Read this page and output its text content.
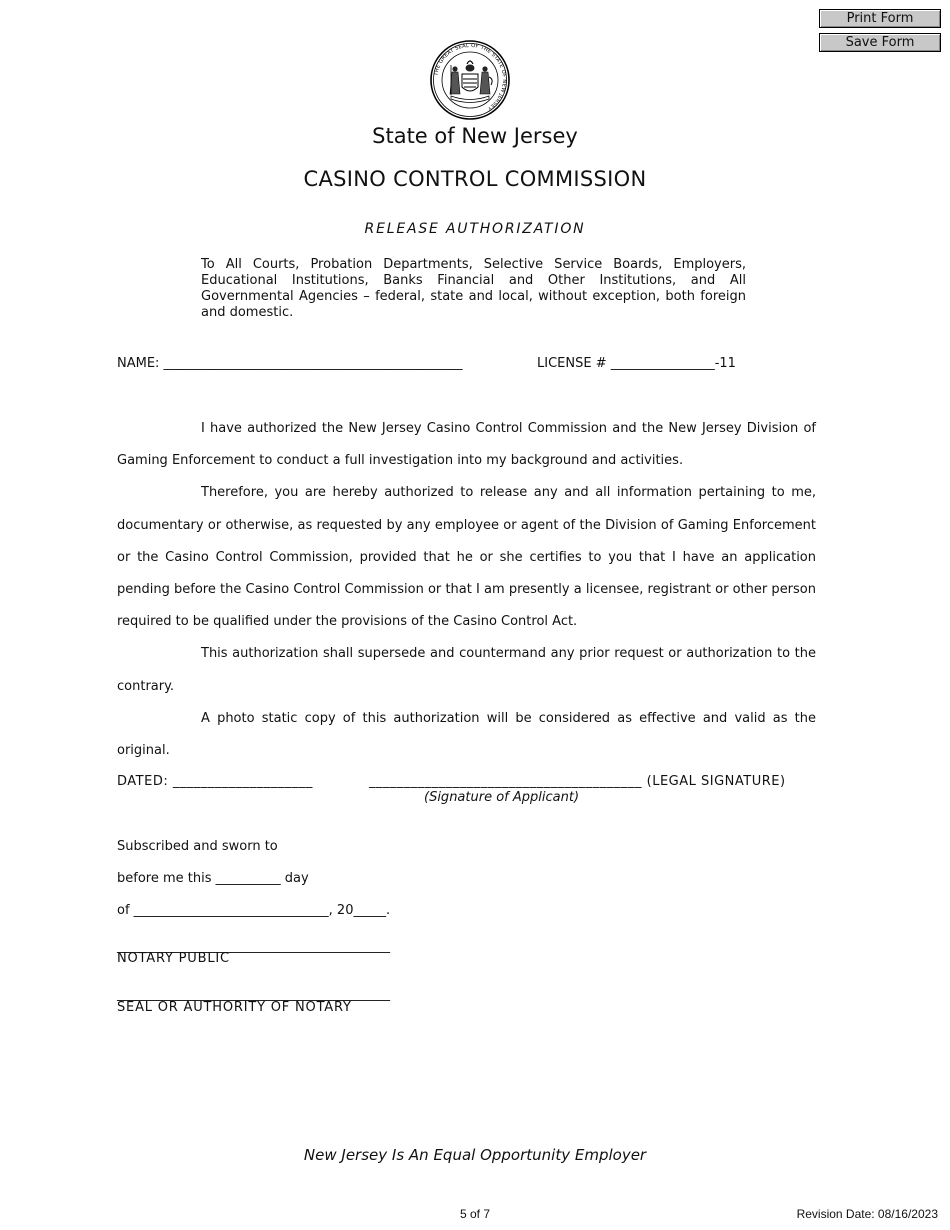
Print Form
Save Form
THE GREAT SEAL OF THE STATE OF NEW JERSEY
State of New Jersey
CASINO CONTROL COMMISSION
RELEASE AUTHORIZATION
To All Courts, Probation Departments, Selective Service Boards, Employers, Educational Institutions, Banks Financial and Other Institutions, and All Governmental Agencies – federal, state and local, without exception, both foreign and domestic.
NAME: ______________________________________________	LICENSE # ________________-11

I have authorized the New Jersey Casino Control Commission and the New Jersey Division of Gaming Enforcement to conduct a full investigation into my background and activities.

Therefore, you are hereby authorized to release any and all information pertaining to me, documentary or otherwise, as requested by any employee or agent of the Division of Gaming Enforcement or the Casino Control Commission, provided that he or she certifies to you that I have an application pending before the Casino Control Commission or that I am presently a licensee, registrant or other person required to be qualified under the provisions of the Casino Control Act.

This authorization shall supersede and countermand any prior request or authorization to the contrary.

A photo static copy of this authorization will be considered as effective and valid as the original.

DATED: ____________________	_______________________________________ (LEGAL SIGNATURE)
(Signature of Applicant)
Subscribed and sworn to
before me this __________ day
of ______________________________, 20_____.
__________________________________________
NOTARY PUBLIC
__________________________________________
SEAL OR AUTHORITY OF NOTARY
New Jersey Is An Equal Opportunity Employer
5 of 7	Revision Date: 08/16/2023
